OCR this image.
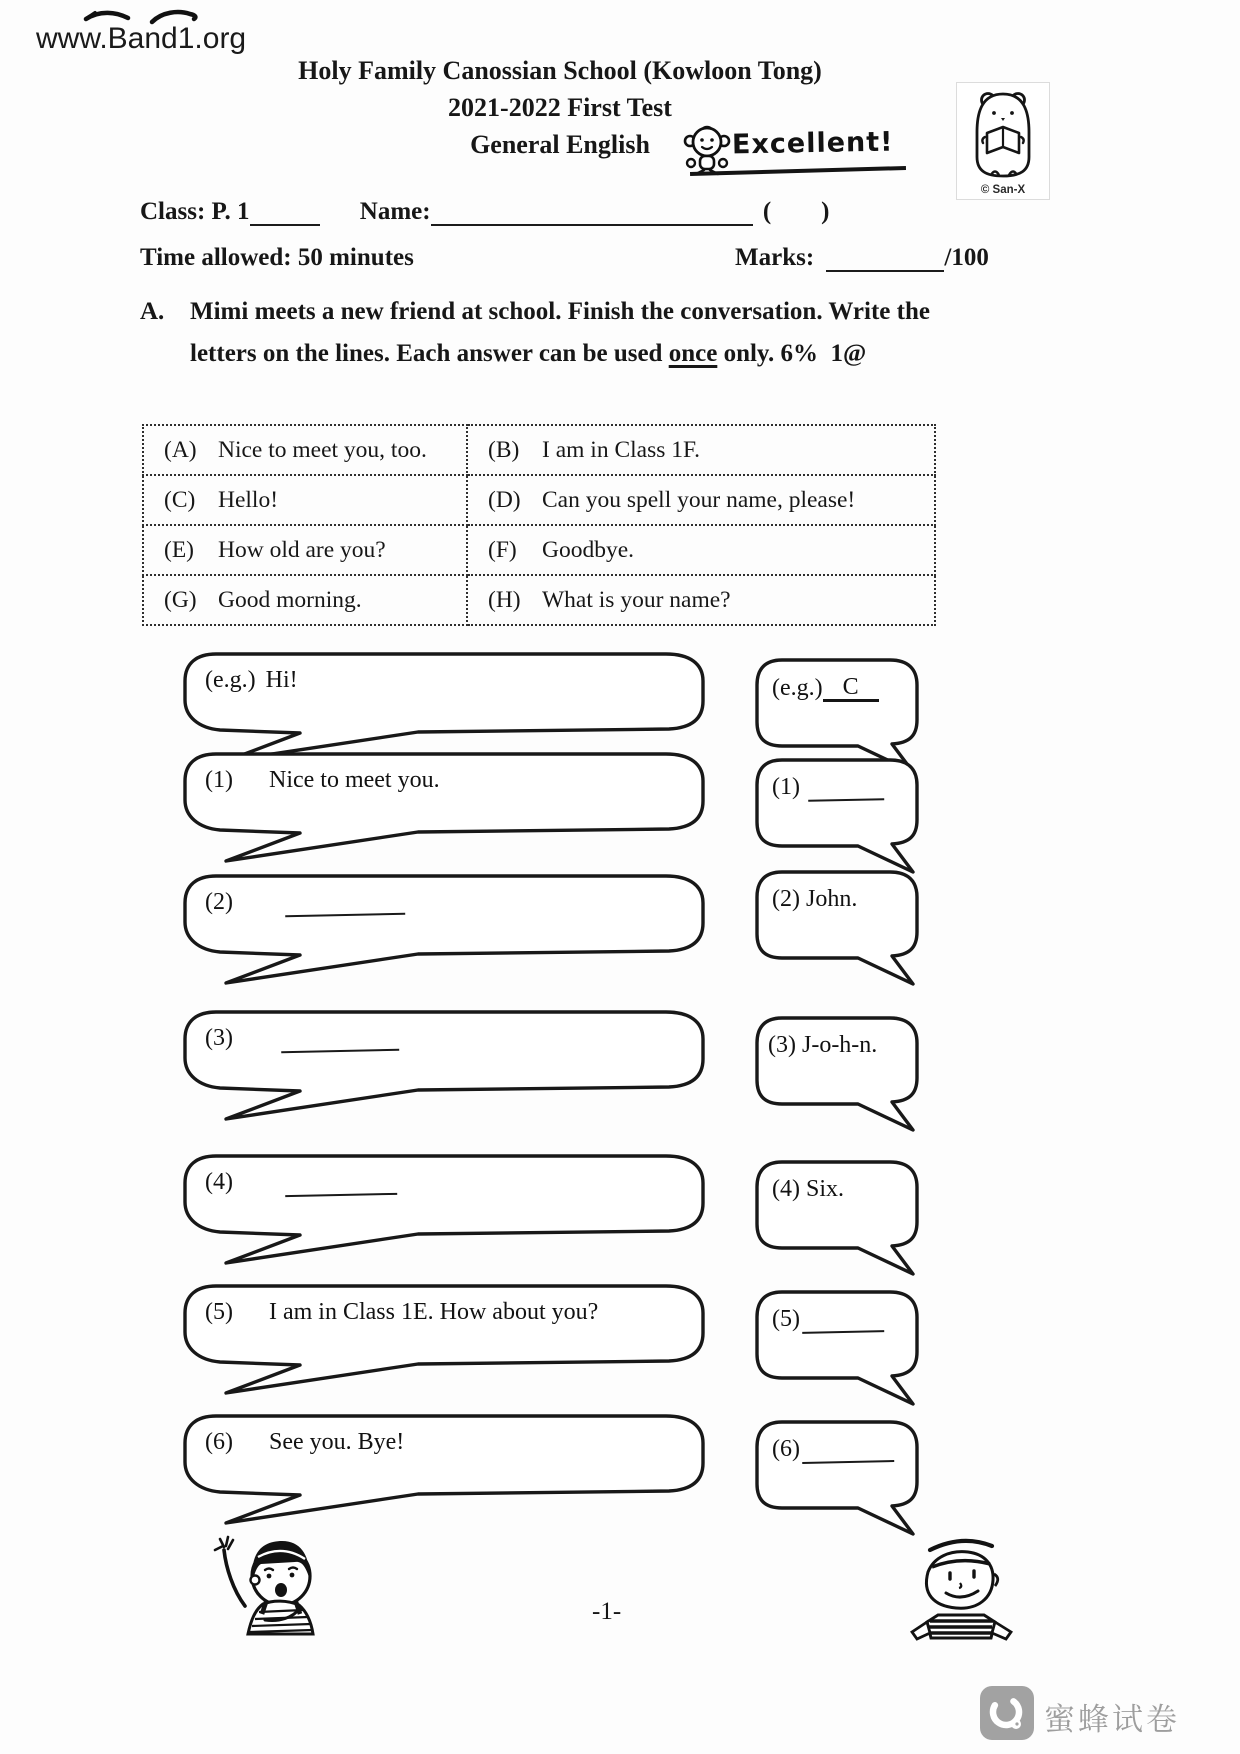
www.Band1.org
Holy Family Canossian School (Kowloon Tong)
2021-2022 First Test
General English	Excellent!
© San-X
Class: P. 1	Name:	(        )
Time allowed: 50 minutes	Marks:	/100
A.	Mimi meets a new friend at school. Finish the conversation. Write the
letters on the lines. Each answer can be used once only. 6%  1@
(A) Nice to meet you, too.	(B) I am in Class 1F.
(C) Hello!	(D) Can you spell your name, please!
(E) How old are you?	(F) Goodbye.
(G) Good morning.	(H) What is your name?
(e.g.) Hi!	(e.g.) C
(1) Nice to meet you.	(1)
(2)	(2) John.
(3)	(3) J-o-h-n.
(4)	(4) Six.
(5) I am in Class 1E. How about you?	(5)
(6) See you. Bye!	(6)
-1-
蜜蜂试卷
